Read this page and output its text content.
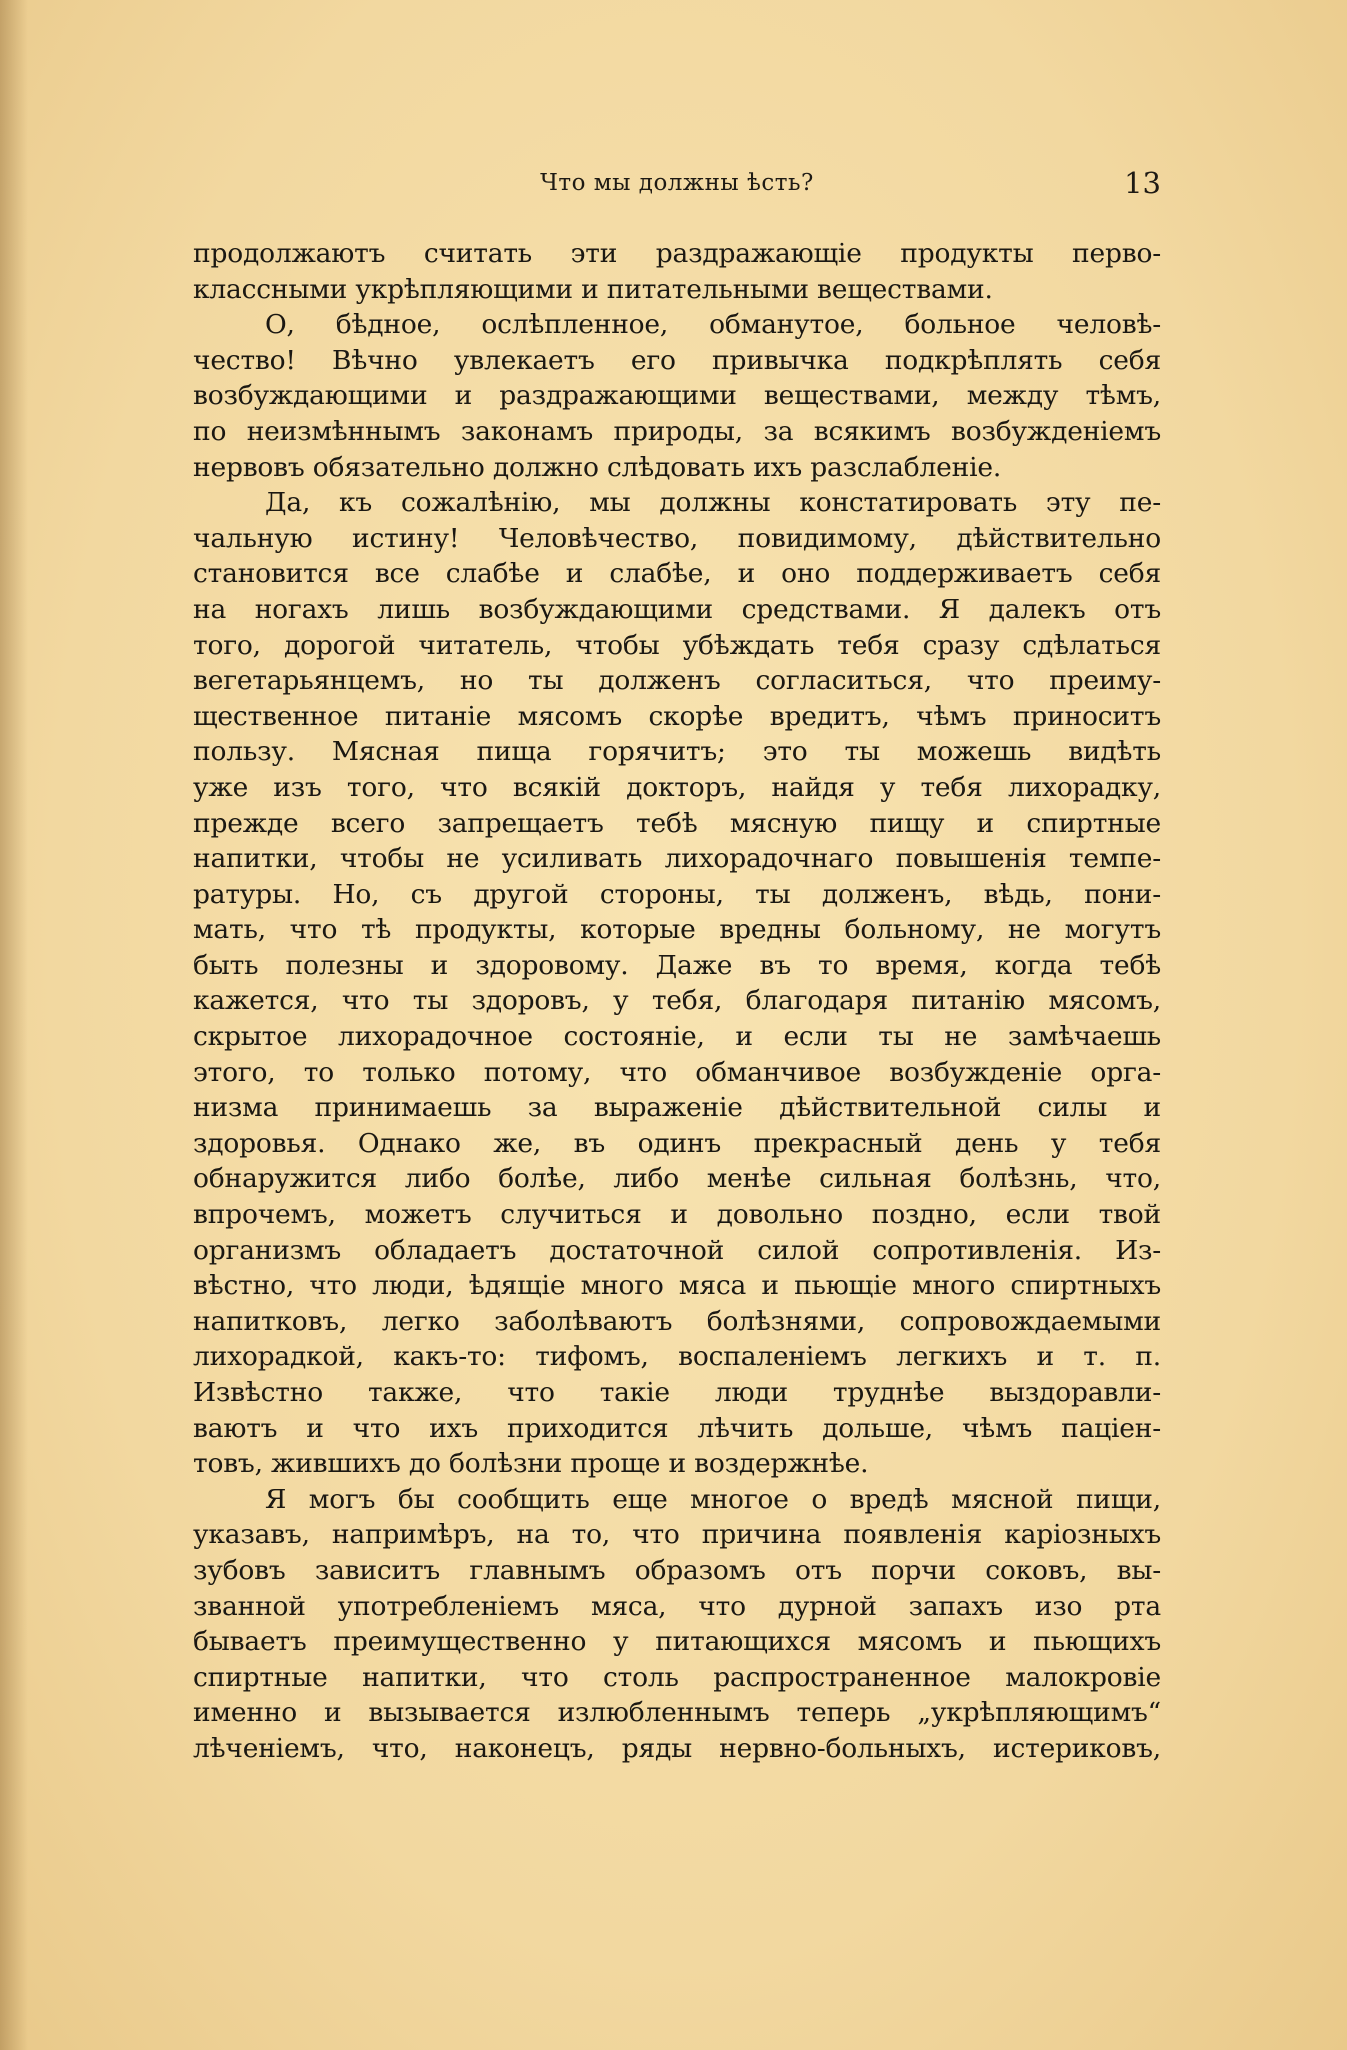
Что мы должны ѣсть?	13
продолжаютъ считать эти раздражающіе продукты перво-
классными укрѣпляющими и питательными веществами.
О, бѣдное, ослѣпленное, обманутое, больное человѣ-
чество! Вѣчно увлекаетъ его привычка подкрѣплять себя
возбуждающими и раздражающими веществами, между тѣмъ,
по неизмѣннымъ законамъ природы, за всякимъ возбужденіемъ
нервовъ обязательно должно слѣдовать ихъ разслабленіе.
Да, къ сожалѣнію, мы должны констатировать эту пе-
чальную истину! Человѣчество, повидимому, дѣйствительно
становится все слабѣе и слабѣе, и оно поддерживаетъ себя
на ногахъ лишь возбуждающими средствами. Я далекъ отъ
того, дорогой читатель, чтобы убѣждать тебя сразу сдѣлаться
вегетарьянцемъ, но ты долженъ согласиться, что преиму-
щественное питаніе мясомъ скорѣе вредитъ, чѣмъ приноситъ
пользу. Мясная пища горячитъ; это ты можешь видѣть
уже изъ того, что всякій докторъ, найдя у тебя лихорадку,
прежде всего запрещаетъ тебѣ мясную пищу и спиртные
напитки, чтобы не усиливать лихорадочнаго повышенія темпе-
ратуры. Но, съ другой стороны, ты долженъ, вѣдь, пони-
мать, что тѣ продукты, которые вредны больному, не могутъ
быть полезны и здоровому. Даже въ то время, когда тебѣ
кажется, что ты здоровъ, у тебя, благодаря питанію мясомъ,
скрытое лихорадочное состояніе, и если ты не замѣчаешь
этого, то только потому, что обманчивое возбужденіе орга-
низма принимаешь за выраженіе дѣйствительной силы и
здоровья. Однако же, въ одинъ прекрасный день у тебя
обнаружится либо болѣе, либо менѣе сильная болѣзнь, что,
впрочемъ, можетъ случиться и довольно поздно, если твой
организмъ обладаетъ достаточной силой сопротивленія. Из-
вѣстно, что люди, ѣдящіе много мяса и пьющіе много спиртныхъ
напитковъ, легко заболѣваютъ болѣзнями, сопровождаемыми
лихорадкой, какъ-то: тифомъ, воспаленіемъ легкихъ и т. п.
Извѣстно также, что такіе люди труднѣе выздоравли-
ваютъ и что ихъ приходится лѣчить дольше, чѣмъ паціен-
товъ, жившихъ до болѣзни проще и воздержнѣе.
Я могъ бы сообщить еще многое о вредѣ мясной пищи,
указавъ, напримѣръ, на то, что причина появленія каріозныхъ
зубовъ зависитъ главнымъ образомъ отъ порчи соковъ, вы-
званной употребленіемъ мяса, что дурной запахъ изо рта
бываетъ преимущественно у питающихся мясомъ и пьющихъ
спиртные напитки, что столь распространенное малокровіе
именно и вызывается излюбленнымъ теперь „укрѣпляющимъ“
лѣченіемъ, что, наконецъ, ряды нервно-больныхъ, истериковъ,
